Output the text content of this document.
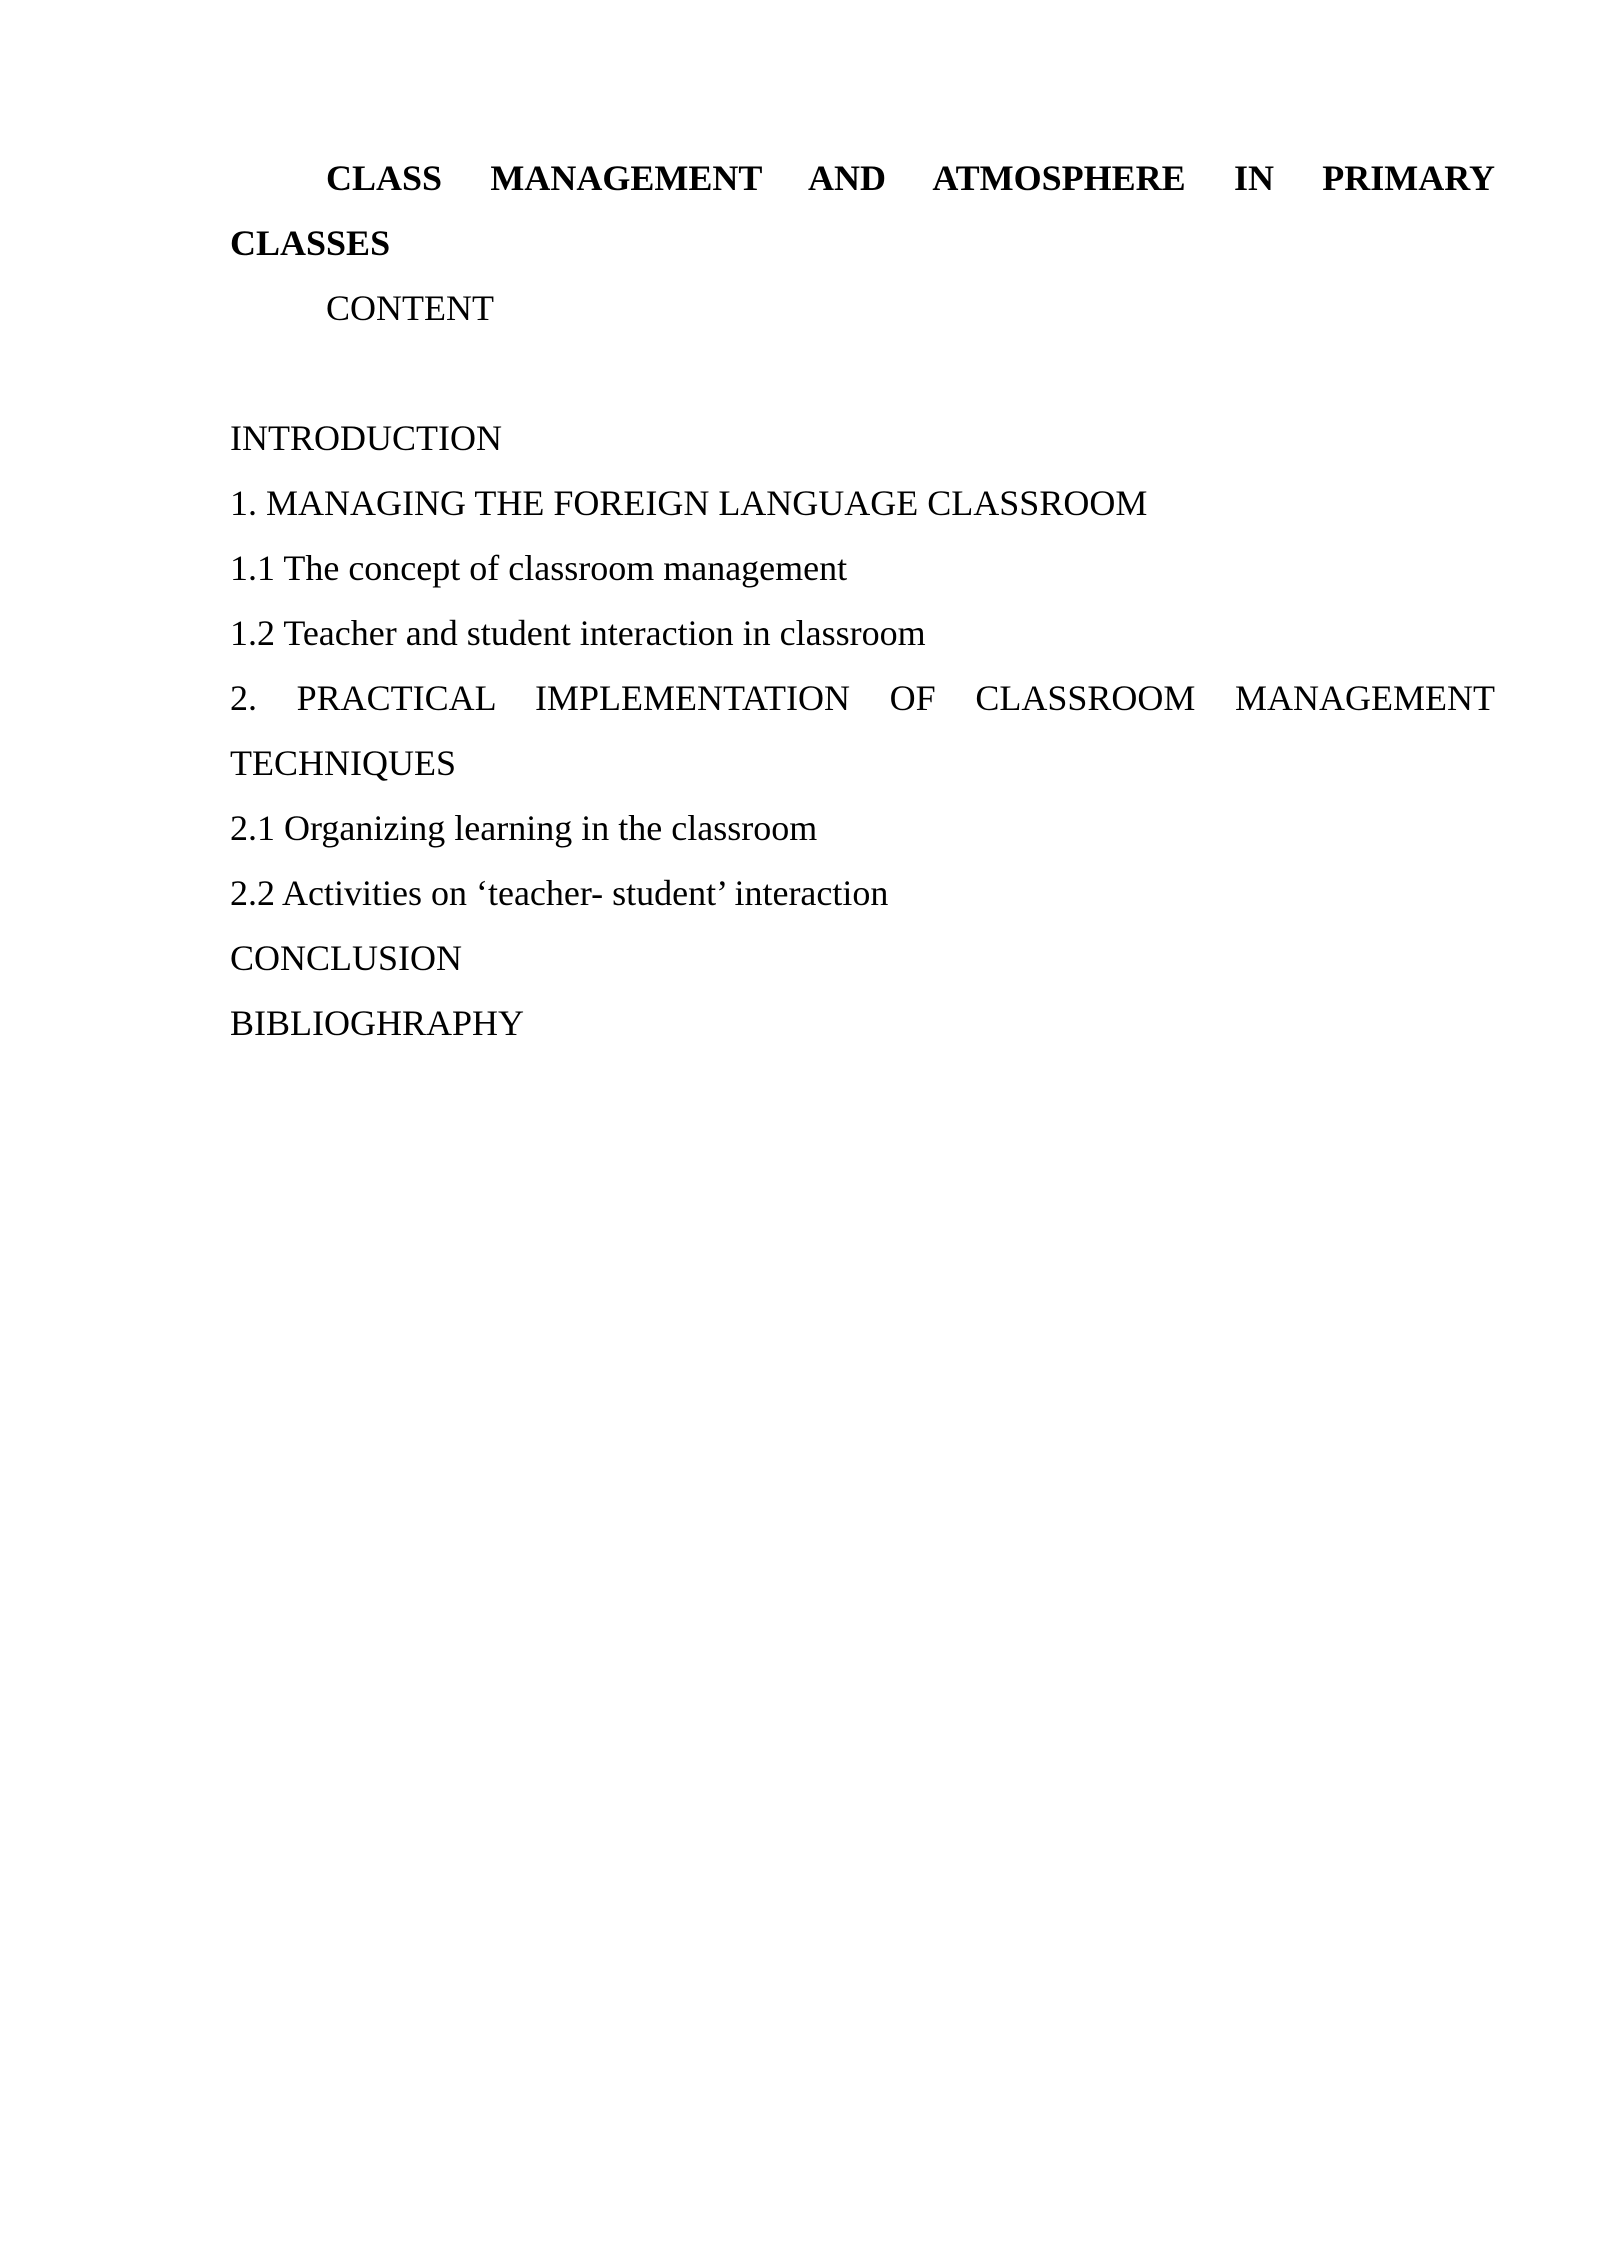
CLASS MANAGEMENT AND ATMOSPHERE IN PRIMARY
CLASSES
CONTENT
INTRODUCTION
1. MANAGING THE FOREIGN LANGUAGE CLASSROOM
1.1 The concept of classroom management
1.2 Teacher and student interaction in classroom
2. PRACTICAL IMPLEMENTATION OF CLASSROOM MANAGEMENT
TECHNIQUES
2.1 Organizing learning in the classroom
2.2 Activities on ‘teacher- student’ interaction
CONCLUSION
BIBLIOGHRAPHY
